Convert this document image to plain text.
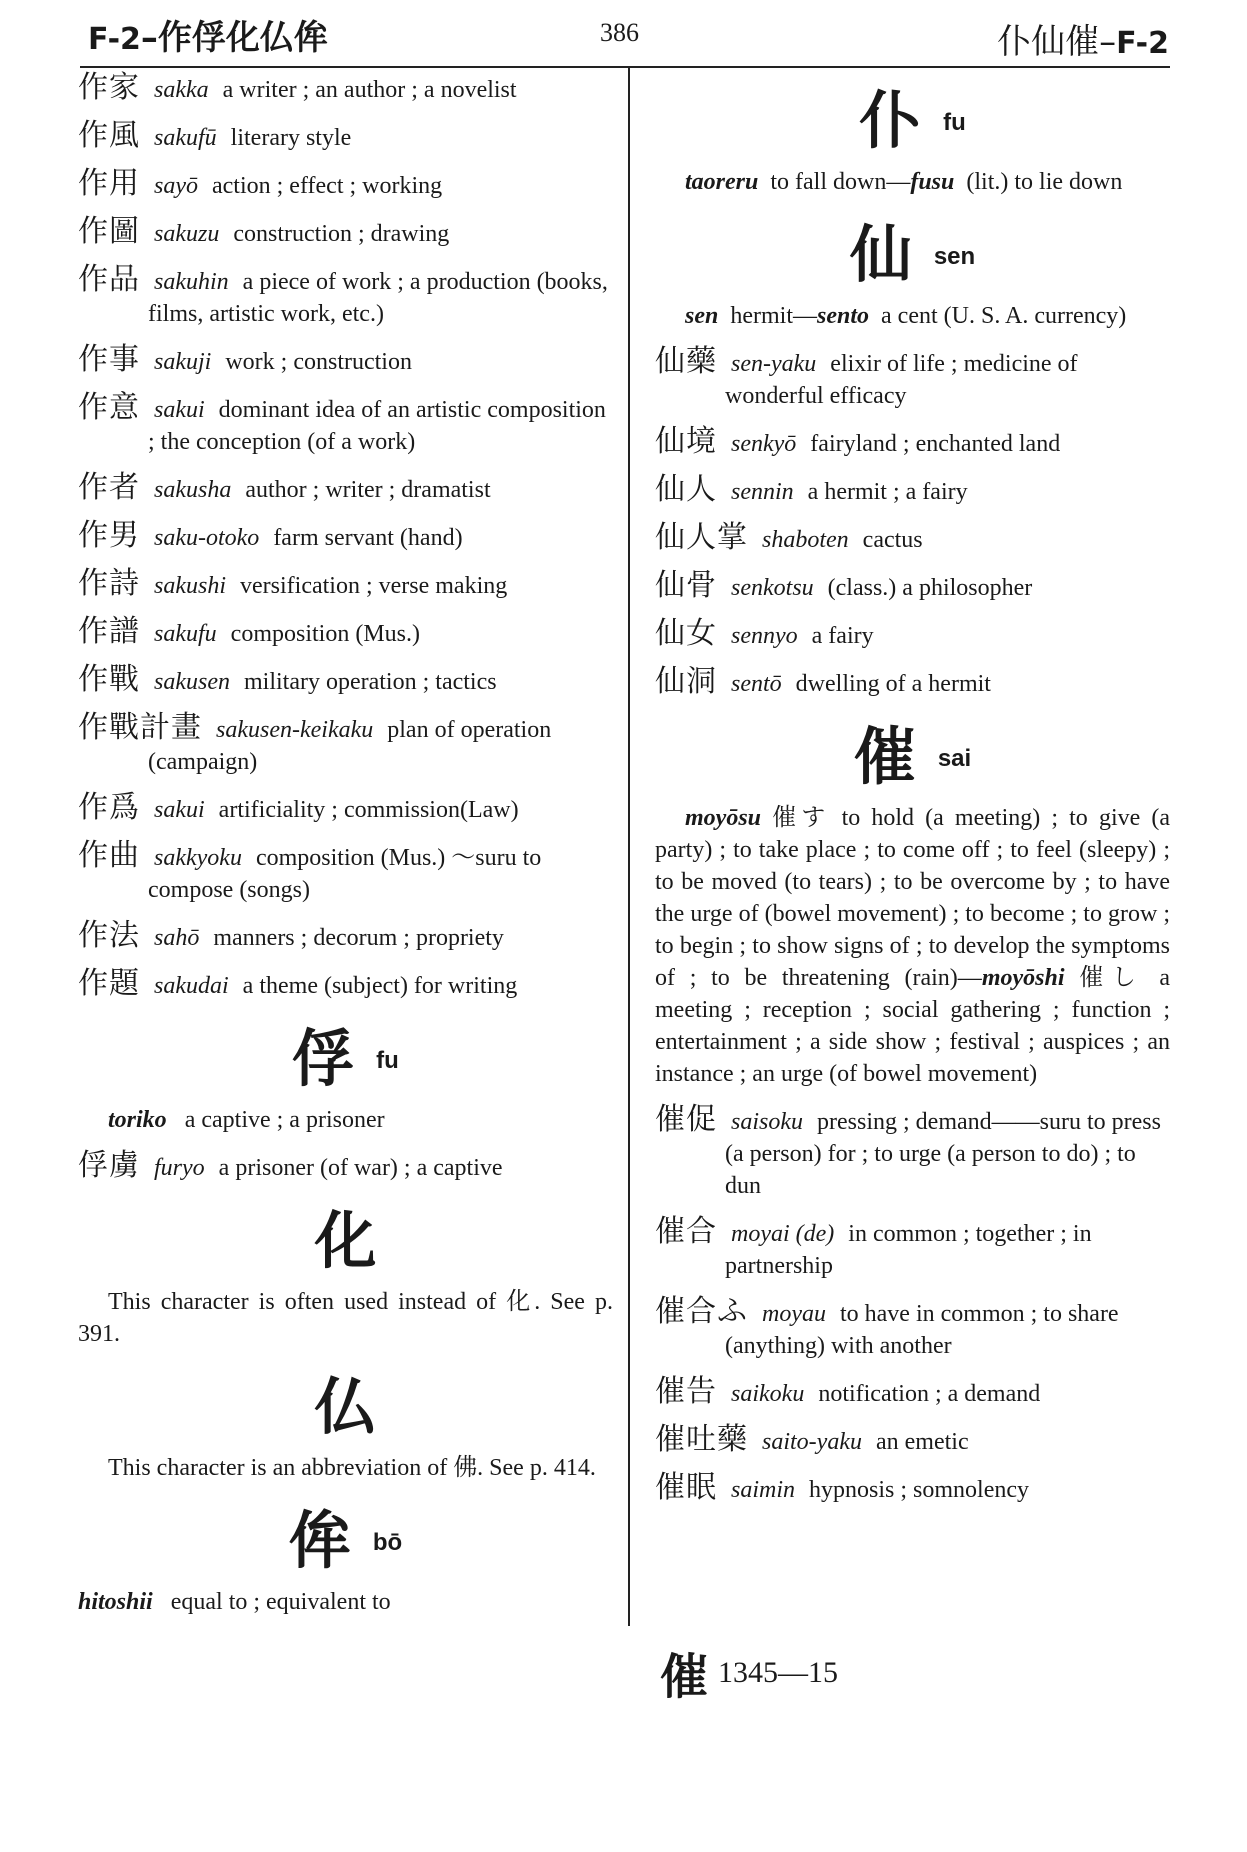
F-2–作俘化仏侔	386	仆仙催–F-2
作家 sakka a writer ; an author ; a novelist
作風 sakufū literary style
作用 sayō action ; effect ; working
作圖 sakuzu construction ; drawing
作品 sakuhin a piece of work ; a production (books, films, artistic work, etc.)
作事 sakuji work ; construction
作意 sakui dominant idea of an artistic composition ; the conception (of a work)
作者 sakusha author ; writer ; dramatist
作男 saku-otoko farm servant (hand)
作詩 sakushi versification ; verse making
作譜 sakufu composition (Mus.)
作戰 sakusen military operation ; tactics
作戰計畫 sakusen-keikaku plan of operation (campaign)
作爲 sakui artificiality ; commission(Law)
作曲 sakkyoku composition (Mus.) ～suru to compose (songs)
作法 sahō manners ; decorum ; propriety
作題 sakudai a theme (subject) for writing
俘fu
toriko a captive ; a prisoner
俘虜 furyo a prisoner (of war) ; a captive
化
This character is often used instead of 化. See p. 391.
仏
This character is an abbreviation of 佛. See p. 414.
侔bō
hitoshii equal to ; equivalent to
仆fu
taoreru to fall down—fusu (lit.) to lie down
仙sen
sen hermit—sento a cent (U. S. A. currency)
仙藥 sen-yaku elixir of life ; medicine of wonderful efficacy
仙境 senkyō fairyland ; enchanted land
仙人 sennin a hermit ; a fairy
仙人掌 shaboten cactus
仙骨 senkotsu (class.) a philosopher
仙女 sennyo a fairy
仙洞 sentō dwelling of a hermit
催sai
moyōsu 催す to hold (a meeting) ; to give (a party) ; to take place ; to come off ; to feel (sleepy) ; to be moved (to tears) ; to be overcome by ; to have the urge of (bowel movement) ; to become ; to grow ; to begin ; to show signs of ; to develop the symptoms of ; to be threatening (rain)—moyōshi 催し a meeting ; reception ; social gathering ; function ; entertainment ; a side show ; festival ; auspices ; an instance ; an urge (of bowel movement)
催促 saisoku pressing ; demand——suru to press (a person) for ; to urge (a person to do) ; to dun
催合 moyai (de) in common ; together ; in partnership
催合ふ moyau to have in common ; to share (anything) with another
催告 saikoku notification ; a demand
催吐藥 saito-yaku an emetic
催眠 saimin hypnosis ; somnolency
催 1345—15
